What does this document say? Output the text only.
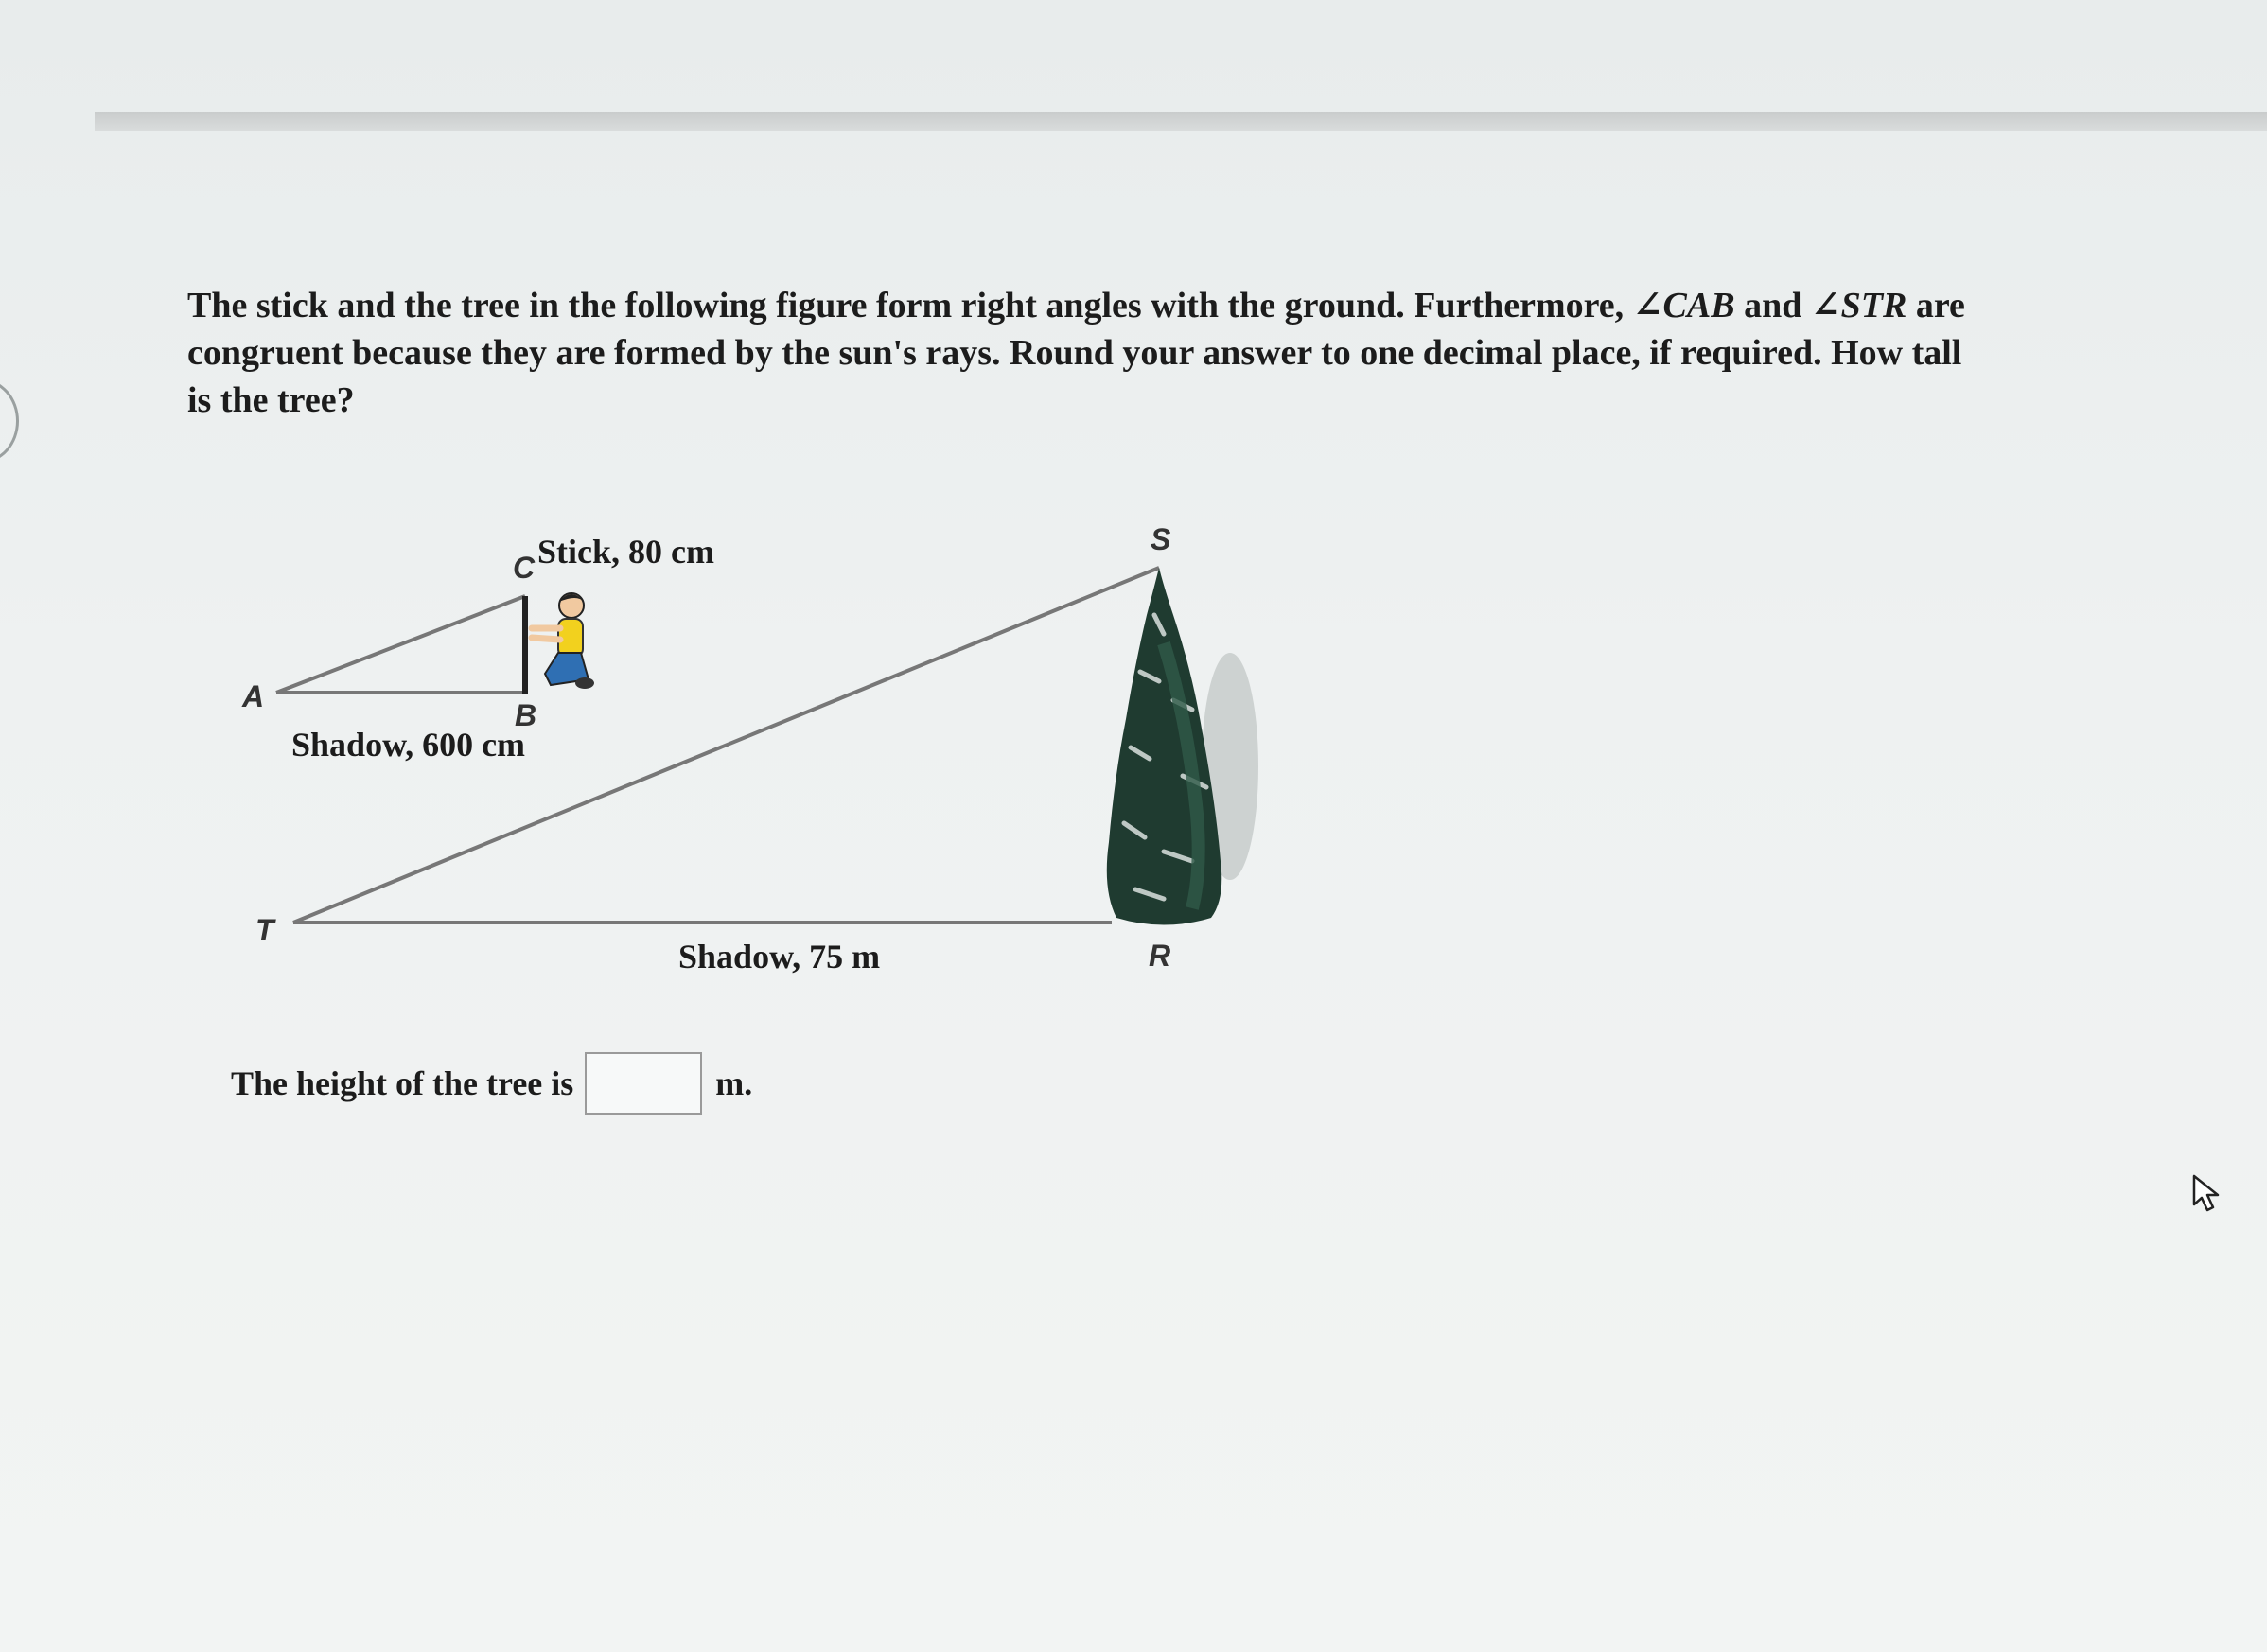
The stick and the tree in the following figure form right angles with the ground. Furthermore, ∠CAB and ∠STR are congruent because they are formed by the sun's rays. Round your answer to one decimal place, if required. How tall is the tree?
A
B
C
S
T
R
Stick, 80 cm
Shadow, 600 cm
Shadow, 75 m
The height of the tree is	m.
